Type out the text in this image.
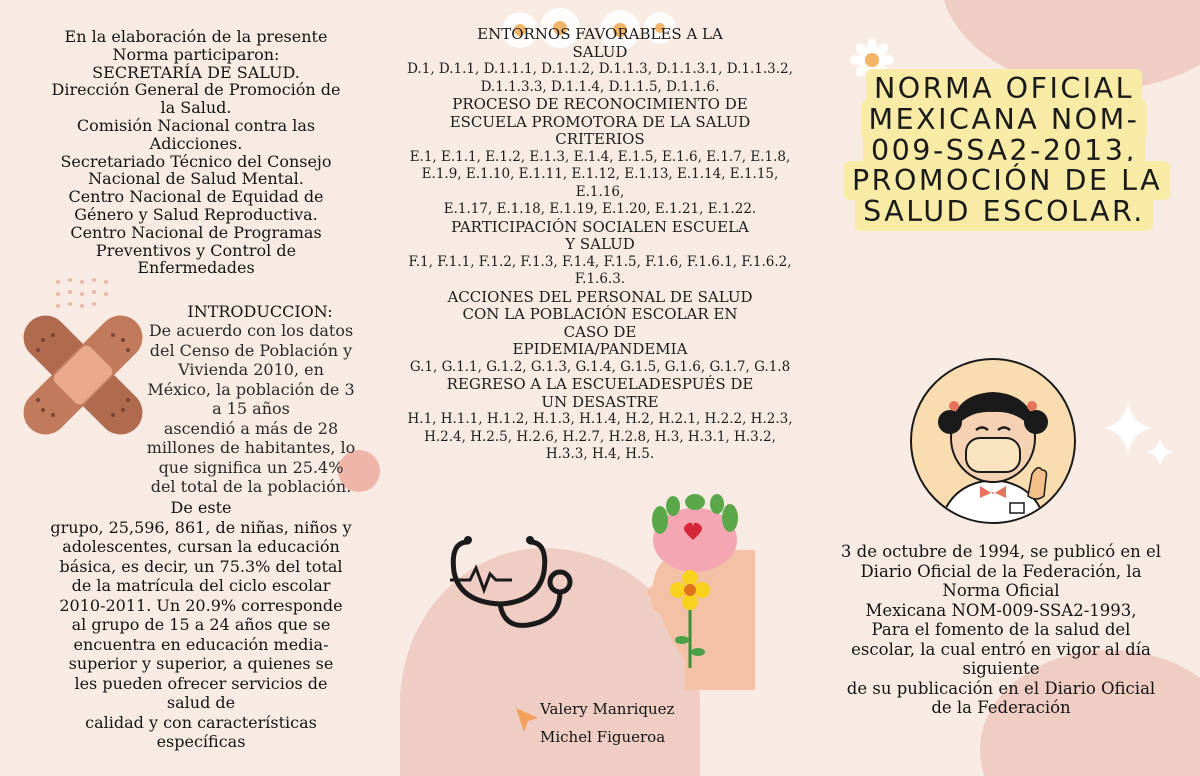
En la elaboración de la presente
Norma participaron:
SECRETARÍA DE SALUD.
Dirección General de Promoción de
la Salud.
Comisión Nacional contra las
Adicciones.
Secretariado Técnico del Consejo
Nacional de Salud Mental.
Centro Nacional de Equidad de
Género y Salud Reproductiva.
Centro Nacional de Programas
Preventivos y Control de
Enfermedades
INTRODUCCION:

De acuerdo con los datos
del Censo de Población y
Vivienda 2010, en
México, la población de 3
a 15 años
ascendió a más de 28
millones de habitantes, lo
que significa un 25.4%
del total de la población.

De este
grupo, 25,596, 861, de niñas, niños y
adolescentes, cursan la educación
básica, es decir, un 75.3% del total
de la matrícula del ciclo escolar
2010-2011. Un 20.9% corresponde
al grupo de 15 a 24 años que se
encuentra en educación media-
superior y superior, a quienes se
les pueden ofrecer servicios de
salud de
calidad y con características
específicas

ENTORNOS FAVORABLES A LA
SALUD
D.1, D.1.1, D.1.1.1, D.1.1.2, D.1.1.3, D.1.1.3.1, D.1.1.3.2,
D.1.1.3.3, D.1.1.4, D.1.1.5, D.1.1.6.
PROCESO DE RECONOCIMIENTO DE
ESCUELA PROMOTORA DE LA SALUD
CRITERIOS
E.1, E.1.1, E.1.2, E.1.3, E.1.4, E.1.5, E.1.6, E.1.7, E.1.8,
E.1.9, E.1.10, E.1.11, E.1.12, E.1.13, E.1.14, E.1.15, E.1.16,
E.1.17, E.1.18, E.1.19, E.1.20, E.1.21, E.1.22.
PARTICIPACIÓN SOCIALEN ESCUELA
Y SALUD
F.1, F.1.1, F.1.2, F.1.3, F.1.4, F.1.5, F.1.6, F.1.6.1, F.1.6.2,
F.1.6.3.
ACCIONES DEL PERSONAL DE SALUD
CON LA POBLACIÓN ESCOLAR EN
CASO DE
EPIDEMIA/PANDEMIA
G.1, G.1.1, G.1.2, G.1.3, G.1.4, G.1.5, G.1.6, G.1.7, G.1.8
REGRESO A LA ESCUELADESPUÉS DE
UN DESASTRE
H.1, H.1.1, H.1.2, H.1.3, H.1.4, H.2, H.2.1, H.2.2, H.2.3,
H.2.4, H.2.5, H.2.6, H.2.7, H.2.8, H.3, H.3.1, H.3.2,
H.3.3, H.4, H.5.
Valery Manriquez
Michel Figueroa
NORMA OFICIAL MEXICANA NOM-009-SSA2-2013, PROMOCIÓN DE LA SALUD ESCOLAR.

3 de octubre de 1994, se publicó en el
Diario Oficial de la Federación, la
Norma Oficial
Mexicana NOM-009-SSA2-1993,
Para el fomento de la salud del
escolar, la cual entró en vigor al día
siguiente
de su publicación en el Diario Oficial
de la Federación
